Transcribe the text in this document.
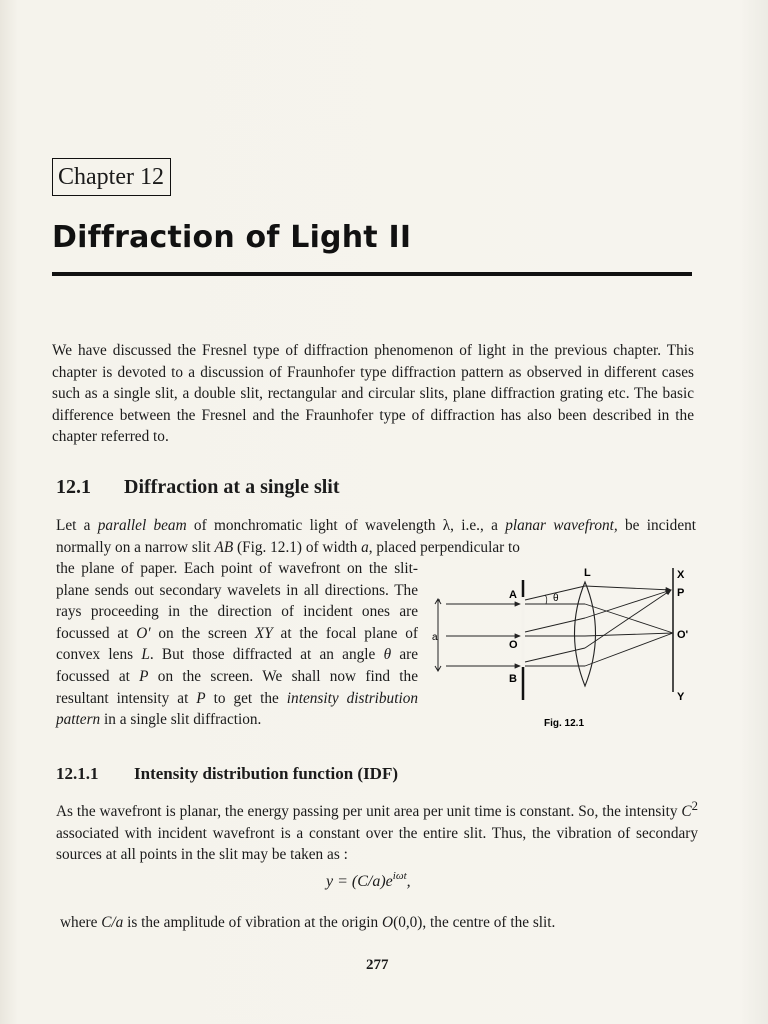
Chapter 12
Diffraction of Light II

We have discussed the Fresnel type of diffraction phenomenon of light in the previous chapter. This chapter is devoted to a discussion of Fraunhofer type diffraction pattern as observed in different cases such as a single slit, a double slit, rectangular and circular slits, plane diffraction grating etc. The basic difference between the Fresnel and the Fraunhofer type of diffraction has also been described in the chapter referred to.

12.1 Diffraction at a single slit

Let a parallel beam of monchromatic light of wavelength λ, i.e., a planar wavefront, be incident normally on a narrow slit AB (Fig. 12.1) of width a, placed perpendicular to

the plane of paper. Each point of wavefront on the slit-plane sends out secondary wavelets in all directions. The rays proceeding in the direction of incident ones are focussed at O′ on the screen XY at the focal plane of convex lens L. But those diffracted at an angle θ are focussed at P on the screen. We shall now find the resultant intensity at P to get the intensity distribution pattern in a single slit diffraction.

a
A
O
B
L	X
P
O'
Y
θ
Fig. 12.1
12.1.1 Intensity distribution function (IDF)

As the wavefront is planar, the energy passing per unit area per unit time is constant. So, the intensity $C^2$ associated with incident wavefront is a constant over the entire slit. Thus, the vibration of secondary sources at all points in the slit may be taken as :

$y = (C/a)e^{i\omega t}$,

where C/a is the amplitude of vibration at the origin O(0,0), the centre of the slit.

277
